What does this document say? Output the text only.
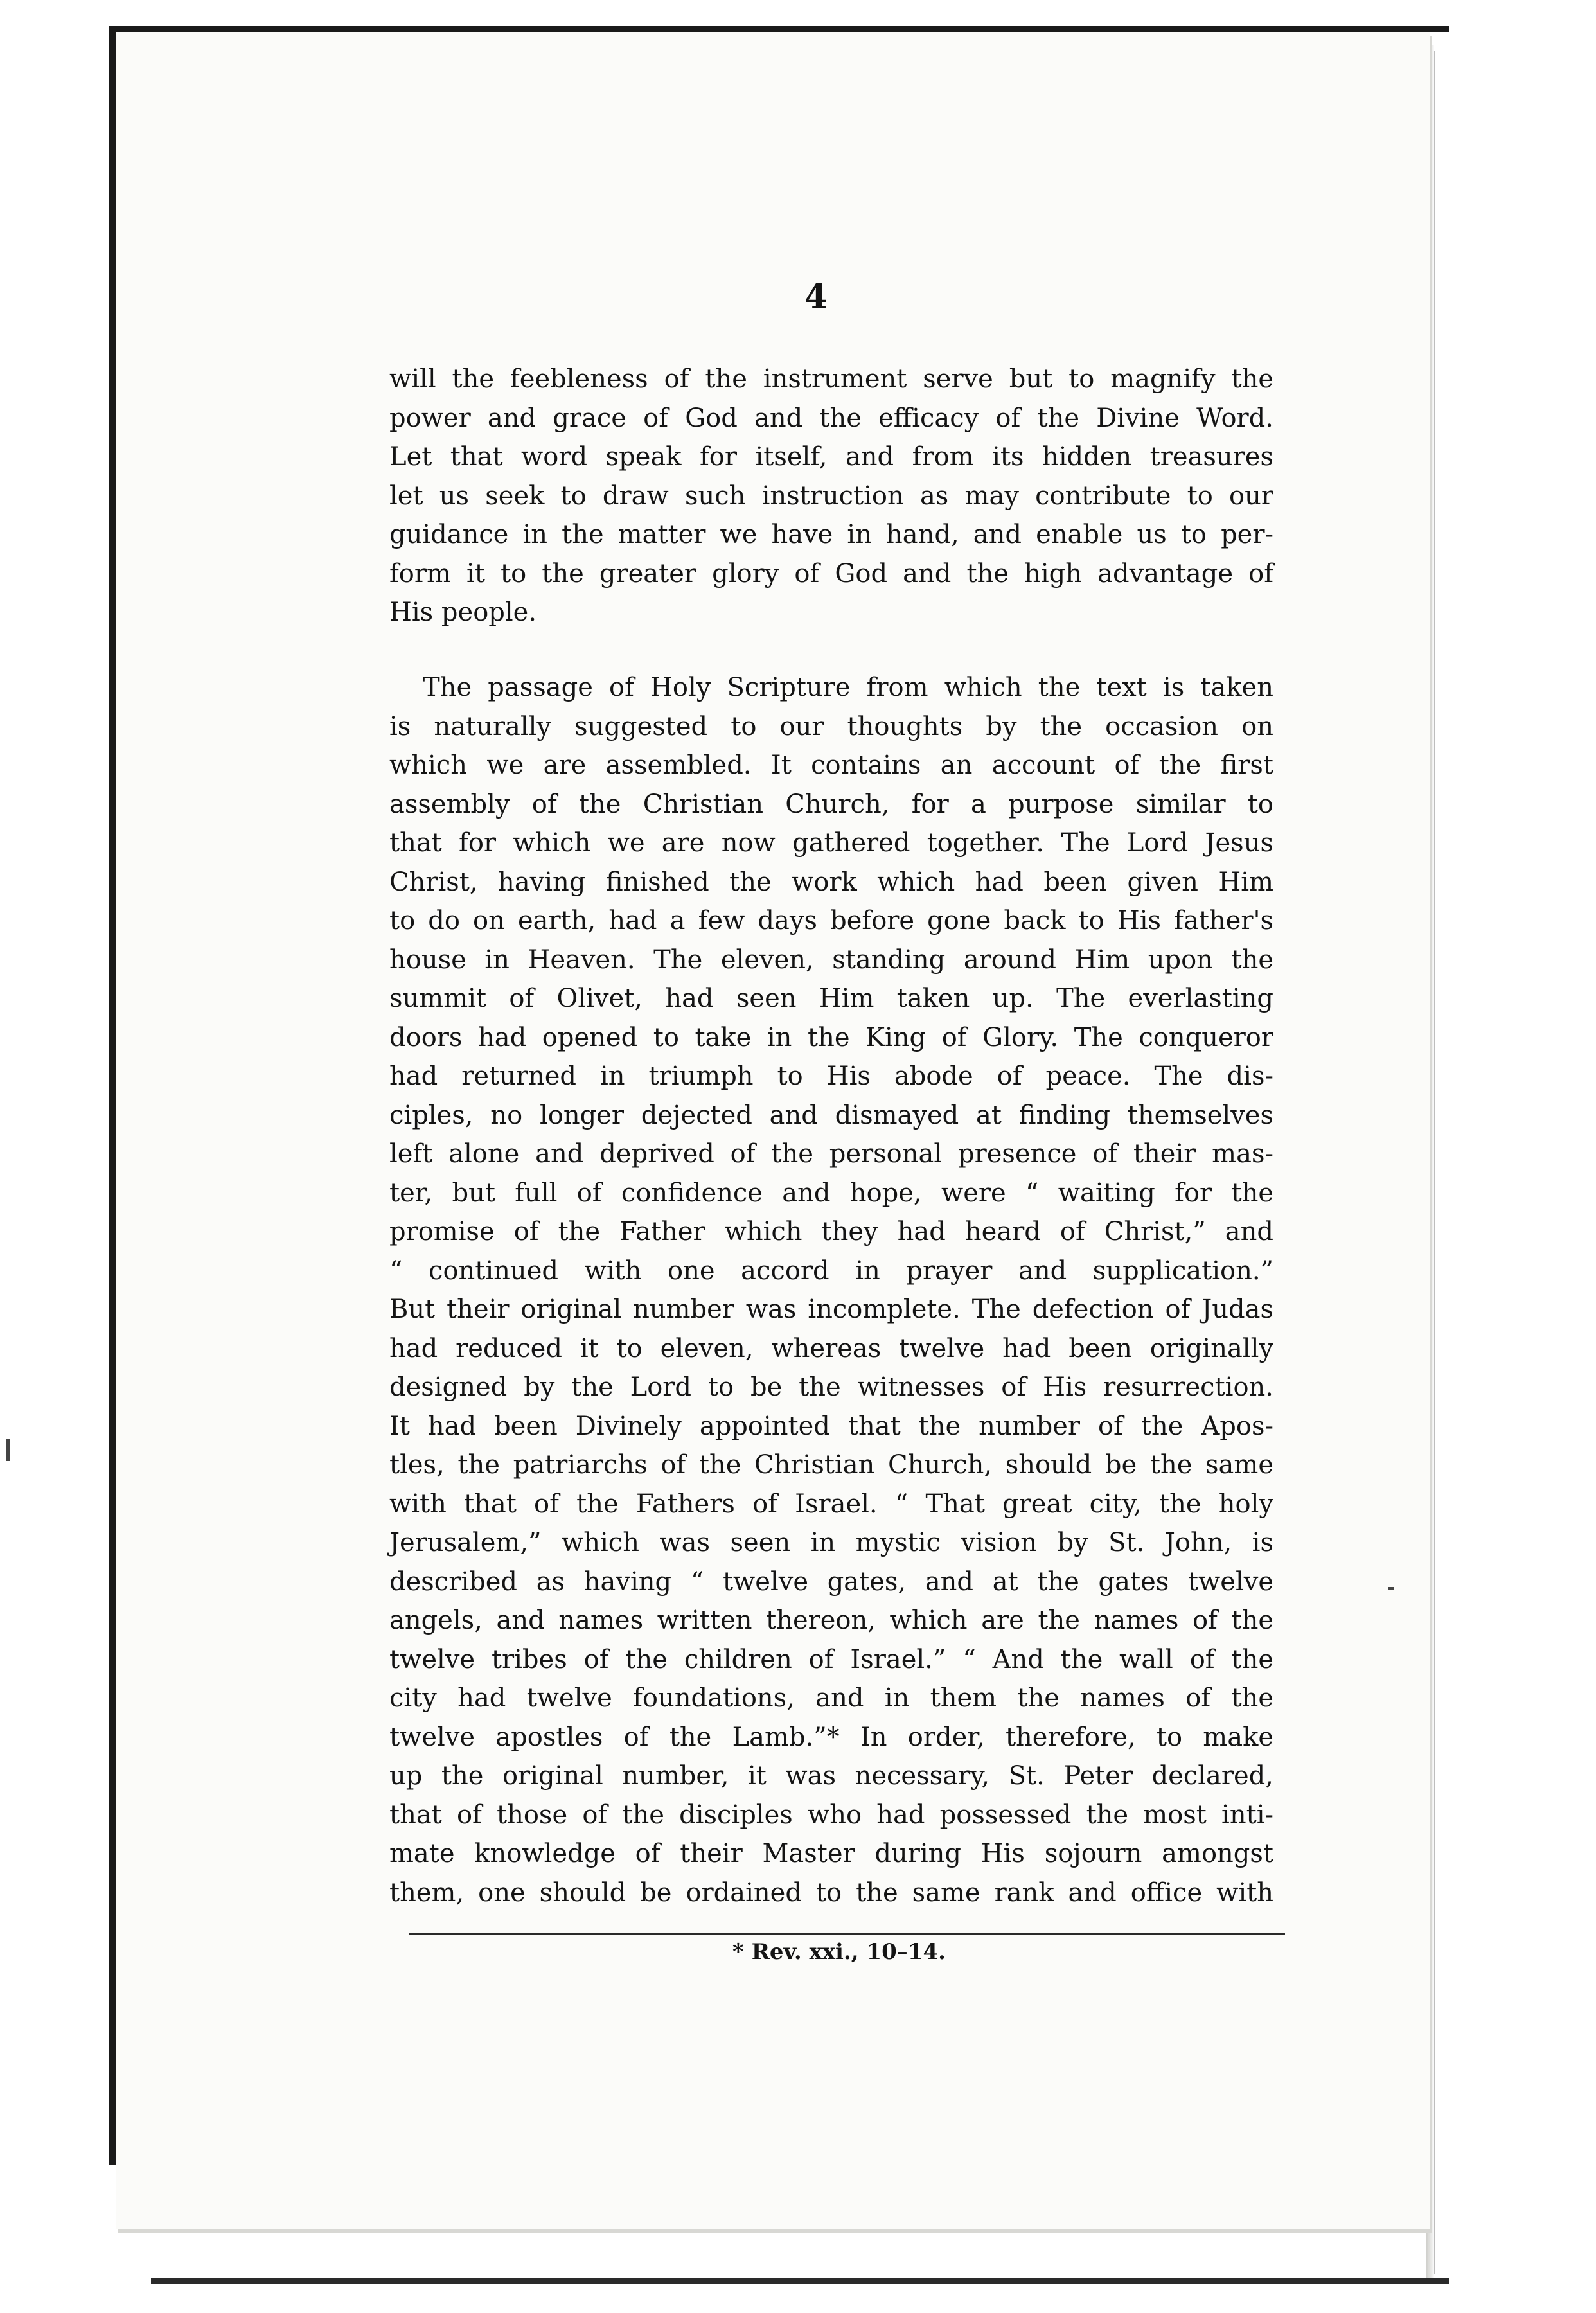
4
will the feebleness of the instrument serve but to magnify the
power and grace of God and the efficacy of the Divine Word.
Let that word speak for itself, and from its hidden treasures
let us seek to draw such instruction as may contribute to our
guidance in the matter we have in hand, and enable us to per-
form it to the greater glory of God and the high advantage of
His people.
The passage of Holy Scripture from which the text is taken
is naturally suggested to our thoughts by the occasion on
which we are assembled. It contains an account of the first
assembly of the Christian Church, for a purpose similar to
that for which we are now gathered together. The Lord Jesus
Christ, having finished the work which had been given Him
to do on earth, had a few days before gone back to His father's
house in Heaven. The eleven, standing around Him upon the
summit of Olivet, had seen Him taken up. The everlasting
doors had opened to take in the King of Glory. The conqueror
had returned in triumph to His abode of peace. The dis-
ciples, no longer dejected and dismayed at finding themselves
left alone and deprived of the personal presence of their mas-
ter, but full of confidence and hope, were “ waiting for the
promise of the Father which they had heard of Christ,” and
“ continued with one accord in prayer and supplication.”
But their original number was incomplete. The defection of Judas
had reduced it to eleven, whereas twelve had been originally
designed by the Lord to be the witnesses of His resurrection.
It had been Divinely appointed that the number of the Apos-
tles, the patriarchs of the Christian Church, should be the same
with that of the Fathers of Israel. “ That great city, the holy
Jerusalem,” which was seen in mystic vision by St. John, is
described as having “ twelve gates, and at the gates twelve
angels, and names written thereon, which are the names of the
twelve tribes of the children of Israel.” “ And the wall of the
city had twelve foundations, and in them the names of the
twelve apostles of the Lamb.”* In order, therefore, to make
up the original number, it was necessary, St. Peter declared,
that of those of the disciples who had possessed the most inti-
mate knowledge of their Master during His sojourn amongst
them, one should be ordained to the same rank and office with
* Rev. xxi., 10–14.
